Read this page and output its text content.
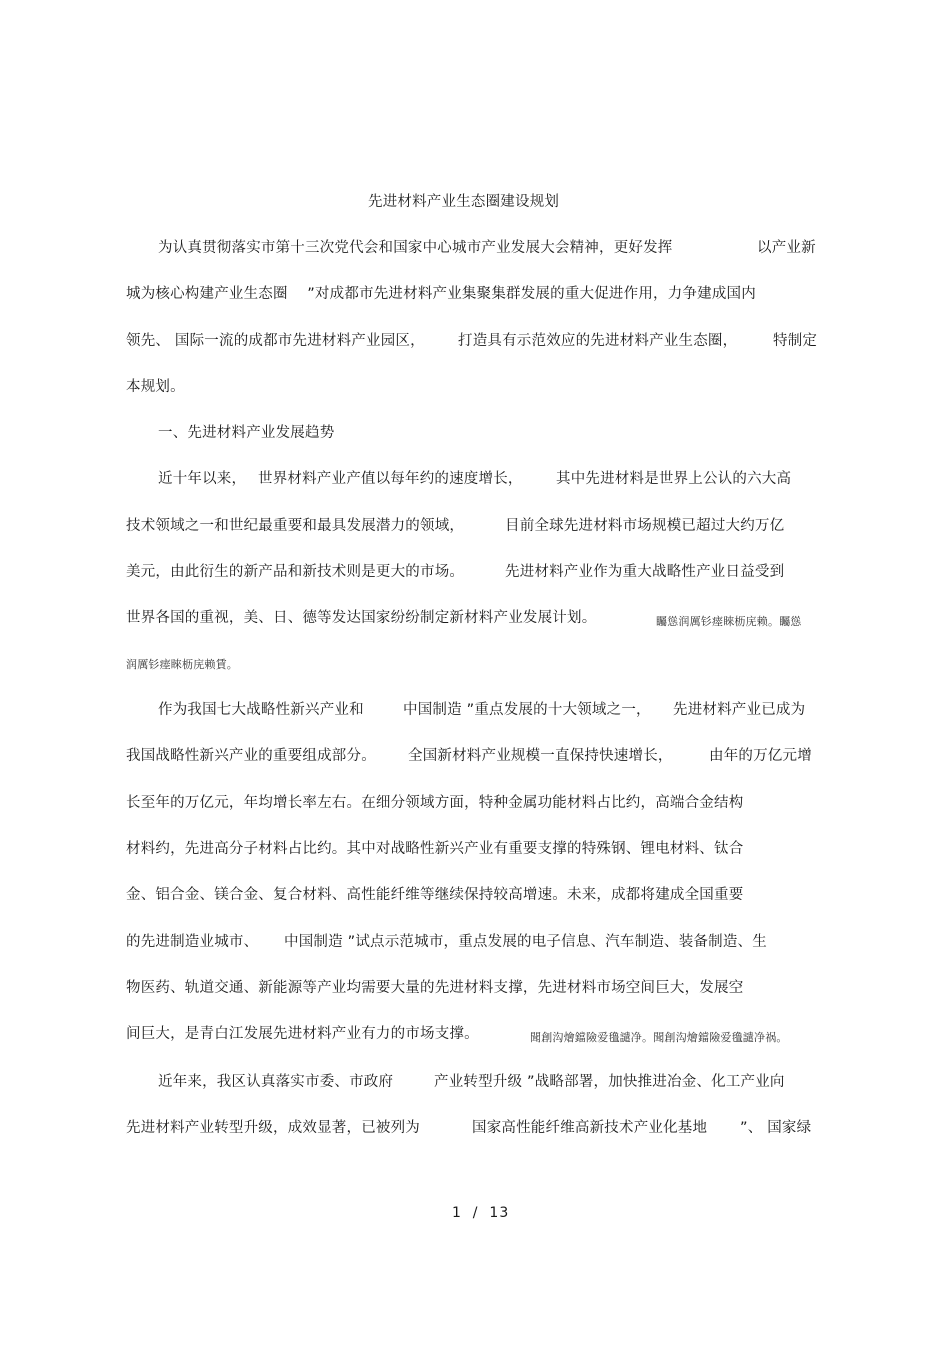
先进材料产业生态圈建设规划
为认真贯彻落实市第十三次党代会和国家中心城市产业发展大会精神，更好发挥	以产业新
城为核心构建产业生态圈　 ”对成都市先进材料产业集聚集群发展的重大促进作用，力争建成国内
领先、 国际一流的成都市先进材料产业园区， 打造具有示范效应的先进材料产业生态圈， 特制定
本规划。
一、先进材料产业发展趋势
近十年以来， 世界材料产业产值以每年约的速度增长， 其中先进材料是世界上公认的六大高
技术领域之一和世纪最重要和最具发展潜力的领域，	目前全球先进材料市场规模已超过大约万亿
美元，由此衍生的新产品和新技术则是更大的市场。	先进材料产业作为重大战略性产业日益受到
世界各国的重视，美、日、德等发达国家纷纷制定新材料产业发展计划。	矚慫润厲钐瘗睞枥庑赖。矚慫
润厲钐瘗睞枥庑赖賃。
作为我国七大战略性新兴产业和	中国制造 ”重点发展的十大领域之一， 先进材料产业已成为
我国战略性新兴产业的重要组成部分。 全国新材料产业规模一直保持快速增长，	由年的万亿元增
长至年的万亿元，年均增长率左右。在细分领域方面，特种金属功能材料占比约，高端合金结构
材料约，先进高分子材料占比约。其中对战略性新兴产业有重要支撑的特殊钢、锂电材料、钛合
金、铝合金、镁合金、复合材料、高性能纤维等继续保持较高增速。未来，成都将建成全国重要
的先进制造业城市、 中国制造 ”试点示范城市，重点发展的电子信息、汽车制造、装备制造、生
物医药、轨道交通、新能源等产业均需要大量的先进材料支撑，先进材料市场空间巨大，发展空
间巨大，是青白江发展先进材料产业有力的市场支撑。	聞創沟燴鐺險爱氇譴净。聞創沟燴鐺險爱氇譴净祸。
近年来，我区认真落实市委、市政府	产业转型升级 ”战略部署，加快推进冶金、化工产业向
先进材料产业转型升级，成效显著，已被列为	国家高性能纤维高新技术产业化基地 ”、 国家绿
1  /  13
